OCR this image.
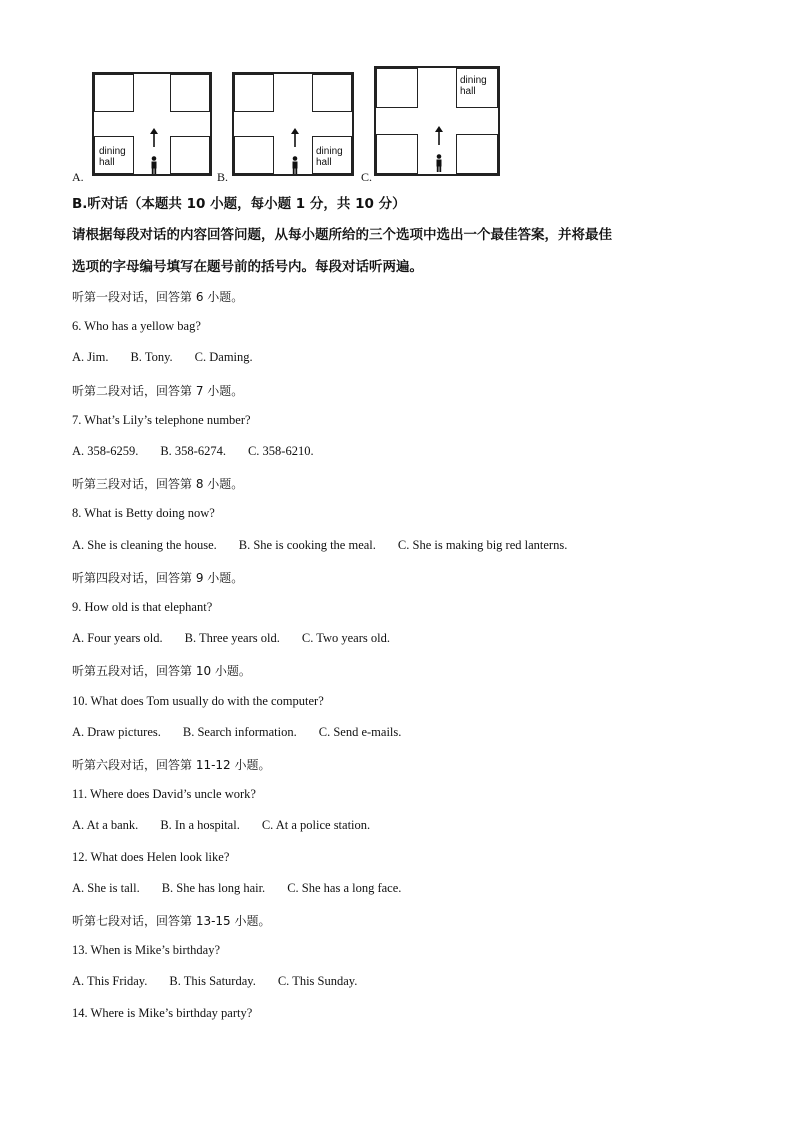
dining
hall
A.
dining
hall
B.
dining
hall
C.
B.听对话（本题共 10 小题，每小题 1 分，共 10 分）
请根据每段对话的内容回答问题，从每小题所给的三个选项中选出一个最佳答案，并将最佳
选项的字母编号填写在题号前的括号内。每段对话听两遍。
听第一段对话，回答第 6 小题。
6. Who has a yellow bag?
A. Jim. B. Tony. C. Daming.
听第二段对话，回答第 7 小题。
7. What’s Lily’s telephone number?
A. 358-6259. B. 358-6274. C. 358-6210.
听第三段对话，回答第 8 小题。
8. What is Betty doing now?
A. She is cleaning the house. B. She is cooking the meal. C. She is making big red lanterns.
听第四段对话，回答第 9 小题。
9. How old is that elephant?
A. Four years old. B. Three years old. C. Two years old.
听第五段对话，回答第 10 小题。
10. What does Tom usually do with the computer?
A. Draw pictures. B. Search information. C. Send e-mails.
听第六段对话，回答第 11-12 小题。
11. Where does David’s uncle work?
A. At a bank. B. In a hospital. C. At a police station.
12. What does Helen look like?
A. She is tall. B. She has long hair. C. She has a long face.
听第七段对话，回答第 13-15 小题。
13. When is Mike’s birthday?
A. This Friday. B. This Saturday. C. This Sunday.
14. Where is Mike’s birthday party?
